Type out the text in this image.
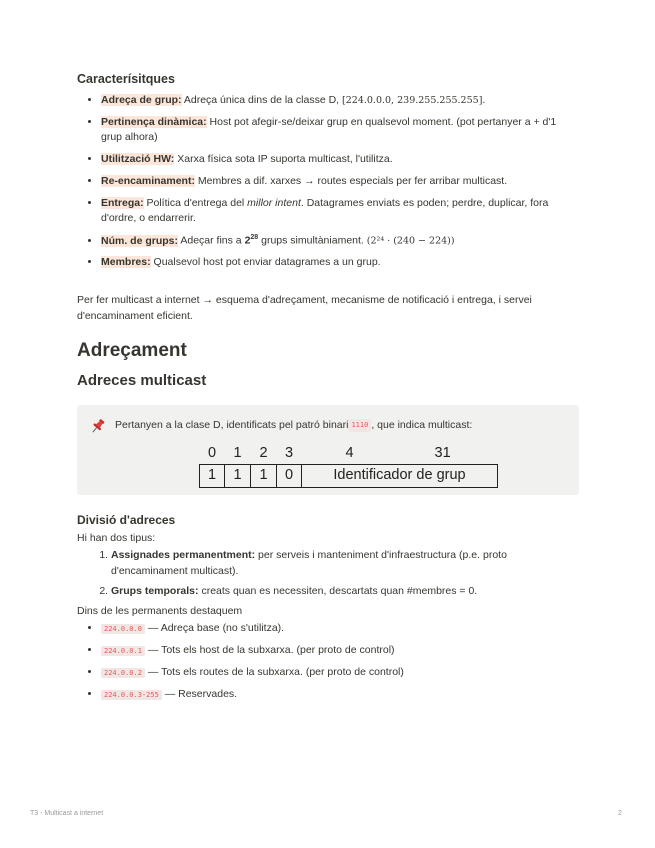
Caracterísitques
• Adreça de grup: Adreça única dins de la classe D, [224.0.0.0, 239.255.255.255].
• Pertinença dinàmica: Host pot afegir-se/deixar grup en qualsevol moment. (pot pertanyer a + d'1 grup alhora)
• Utilització HW: Xarxa física sota IP suporta multicast, l'utilitza.
• Re-encaminament: Membres a dif. xarxes → routes especials per fer arribar multicast.
• Entrega: Política d'entrega del millor intent. Datagrames enviats es poden; perdre, duplicar, fora d'ordre, o endarrerir.
• Núm. de grups: Adeçar fins a $2^{28}$ grups simultàniament. (2²⁴ · (240 − 224))
• Membres: Qualsevol host pot enviar datagrames a un grup.

Per fer multicast a internet → esquema d'adreçament, mecanisme de notificació i entrega, i servei d'encaminament eficient.

Adreçament
Adreces multicast
Pertanyen a la clase D, identificats pel patró binari 1110 , que indica multicast:
0	1	2	3	4 31

1	1	1	0	Identificador de grup
Divisió d'adreces

Hi han dos tipus:

1. Assignades permanentment: per serveis i manteniment d'infraestructura (p.e. proto d'encaminament multicast).
2. Grups temporals: creats quan es necessiten, descartats quan #membres = 0.

Dins de les permanents destaquem

• 224.0.0.0 — Adreça base (no s'utilitza).
• 224.0.0.1 — Tots els host de la subxarxa. (per proto de control)
• 224.0.0.2 — Tots els routes de la subxarxa. (per proto de control)
• 224.0.0.3-255 — Reservades.
T3 - Multicast a internet	2
